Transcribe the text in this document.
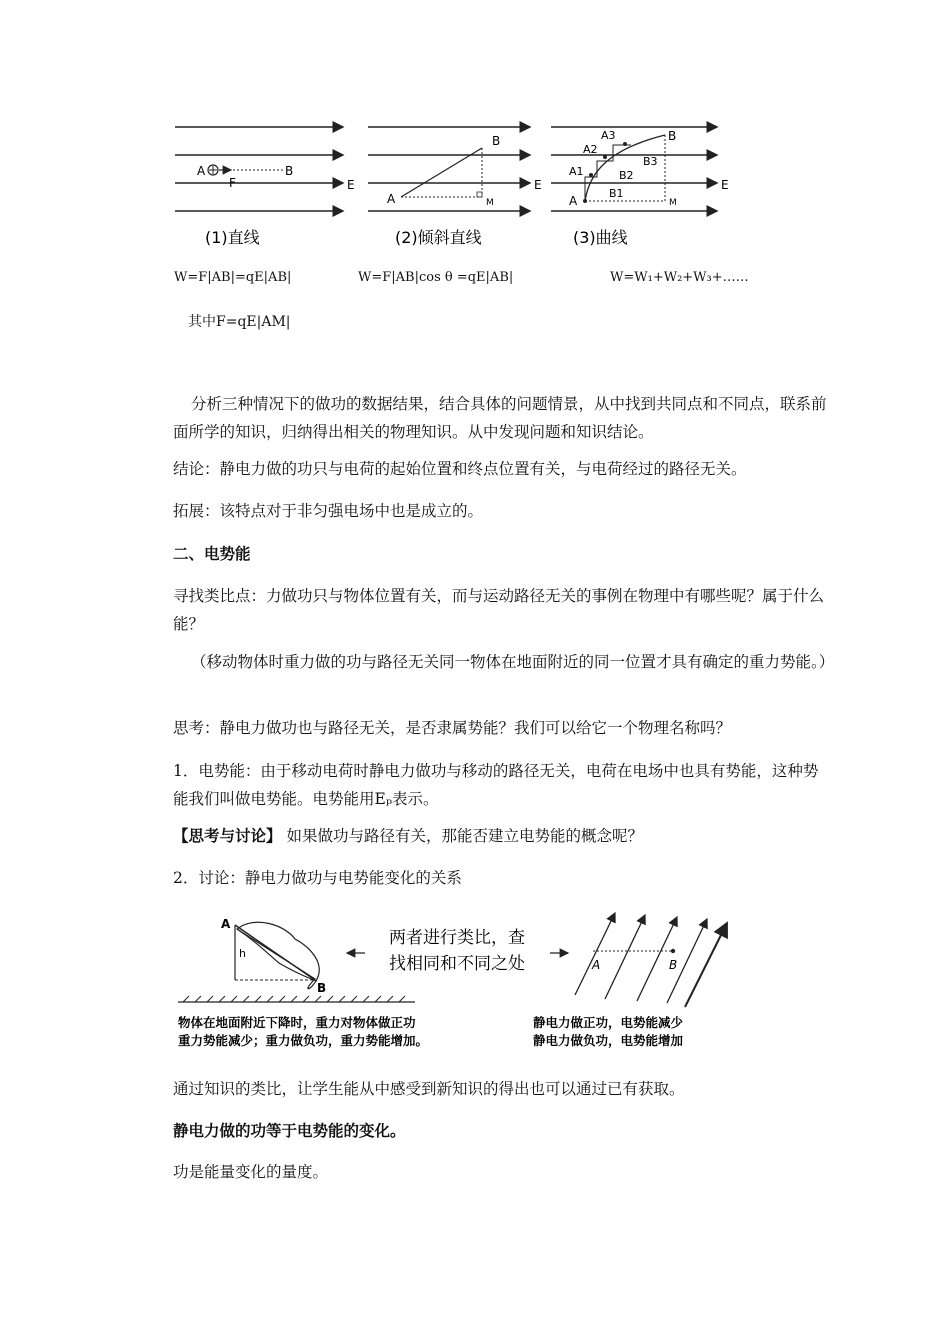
A	B
F	E
(1)直线
A
B
M
E
(2)倾斜直线
A
A1
A2
A3
B1
B2
B3
B
M
E
(3)曲线
W=F|AB|=qE|AB|	W=F|AB|cos θ =qE|AB|	W=W₁+W₂+W₃+……
其中F=qE|AM|
分析三种情况下的做功的数据结果，结合具体的问题情景，从中找到共同点和不同点，联系前面所学的知识，归纳得出相关的物理知识。从中发现问题和知识结论。
结论：静电力做的功只与电荷的起始位置和终点位置有关，与电荷经过的路径无关。
拓展：该特点对于非匀强电场中也是成立的。
二、电势能
寻找类比点：力做功只与物体位置有关，而与运动路径无关的事例在物理中有哪些呢？属于什么能？
（移动物体时重力做的功与路径无关同一物体在地面附近的同一位置才具有确定的重力势能。）
思考：静电力做功也与路径无关，是否隶属势能？我们可以给它一个物理名称吗？
1．电势能：由于移动电荷时静电力做功与移动的路径无关，电荷在电场中也具有势能，这种势能我们叫做电势能。电势能用Eₚ表示。
【思考与讨论】 如果做功与路径有关，那能否建立电势能的概念呢？
2．讨论：静电力做功与电势能变化的关系
A
B
h
物体在地面附近下降时，重力对物体做正功
重力势能减少；重力做负功，重力势能增加。
两者进行类比，查
找相同和不同之处	A	B
静电力做正功，电势能减少
静电力做负功，电势能增加
通过知识的类比，让学生能从中感受到新知识的得出也可以通过已有获取。
静电力做的功等于电势能的变化。
功是能量变化的量度。
